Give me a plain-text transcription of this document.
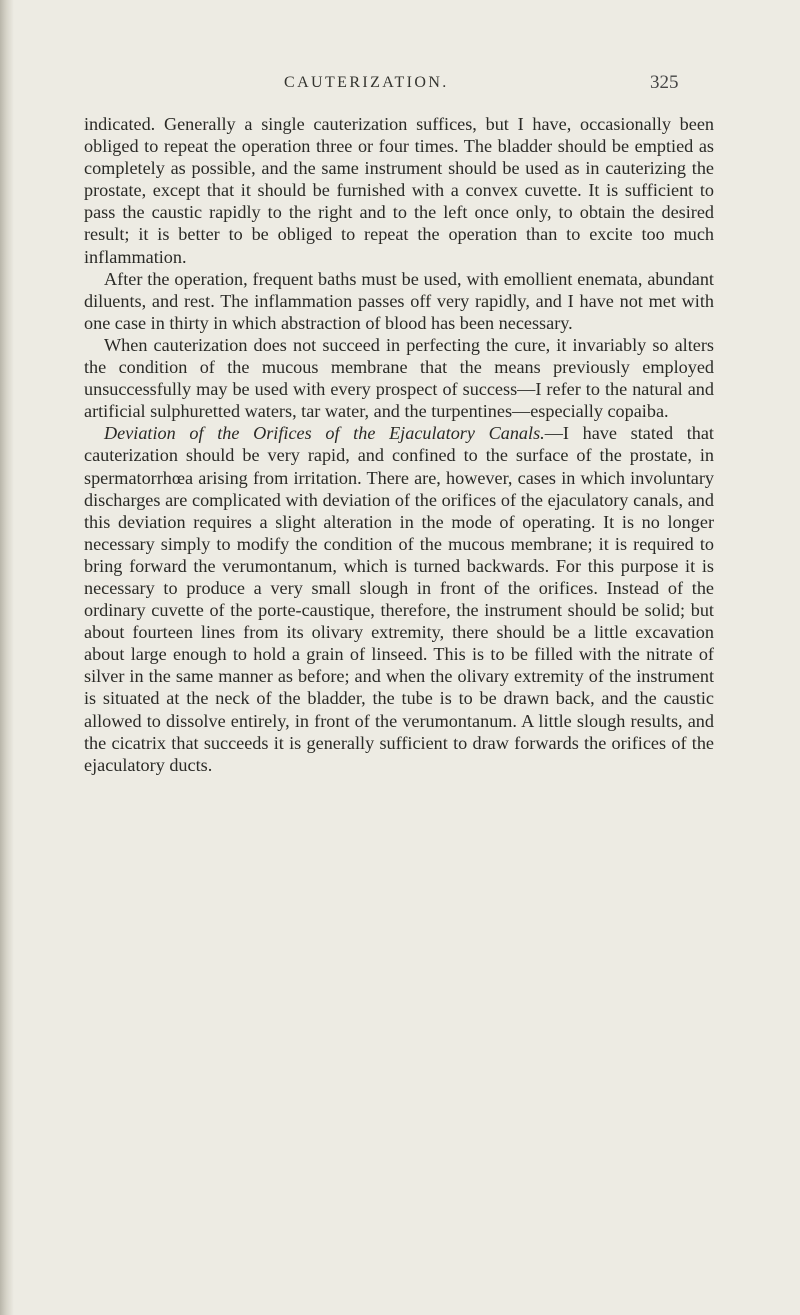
CAUTERIZATION.	325

indicated. Generally a single cauterization suffices, but I have, occasionally been obliged to repeat the operation three or four times. The bladder should be emptied as completely as possible, and the same instrument should be used as in cauterizing the prostate, except that it should be furnished with a convex cuvette. It is sufficient to pass the caustic rapidly to the right and to the left once only, to obtain the desired result; it is better to be obliged to repeat the operation than to excite too much inflammation.

After the operation, frequent baths must be used, with emollient enemata, abundant diluents, and rest. The inflammation passes off very rapidly, and I have not met with one case in thirty in which abstraction of blood has been necessary.

When cauterization does not succeed in perfecting the cure, it invariably so alters the condition of the mucous membrane that the means previously employed unsuccessfully may be used with every prospect of success—I refer to the natural and artificial sulphuretted waters, tar water, and the turpentines—especially copaiba.

Deviation of the Orifices of the Ejaculatory Canals.—I have stated that cauterization should be very rapid, and confined to the surface of the prostate, in spermatorrhœa arising from irritation. There are, however, cases in which involuntary discharges are complicated with deviation of the orifices of the ejaculatory canals, and this deviation requires a slight alteration in the mode of operating. It is no longer necessary simply to modify the condition of the mucous membrane; it is required to bring forward the verumontanum, which is turned backwards. For this purpose it is necessary to produce a very small slough in front of the orifices. Instead of the ordinary cuvette of the porte-caustique, therefore, the instrument should be solid; but about fourteen lines from its olivary extremity, there should be a little excavation about large enough to hold a grain of linseed. This is to be filled with the nitrate of silver in the same manner as before; and when the olivary extremity of the instrument is situated at the neck of the bladder, the tube is to be drawn back, and the caustic allowed to dissolve entirely, in front of the verumontanum. A little slough results, and the cicatrix that succeeds it is generally sufficient to draw forwards the orifices of the ejaculatory ducts.
